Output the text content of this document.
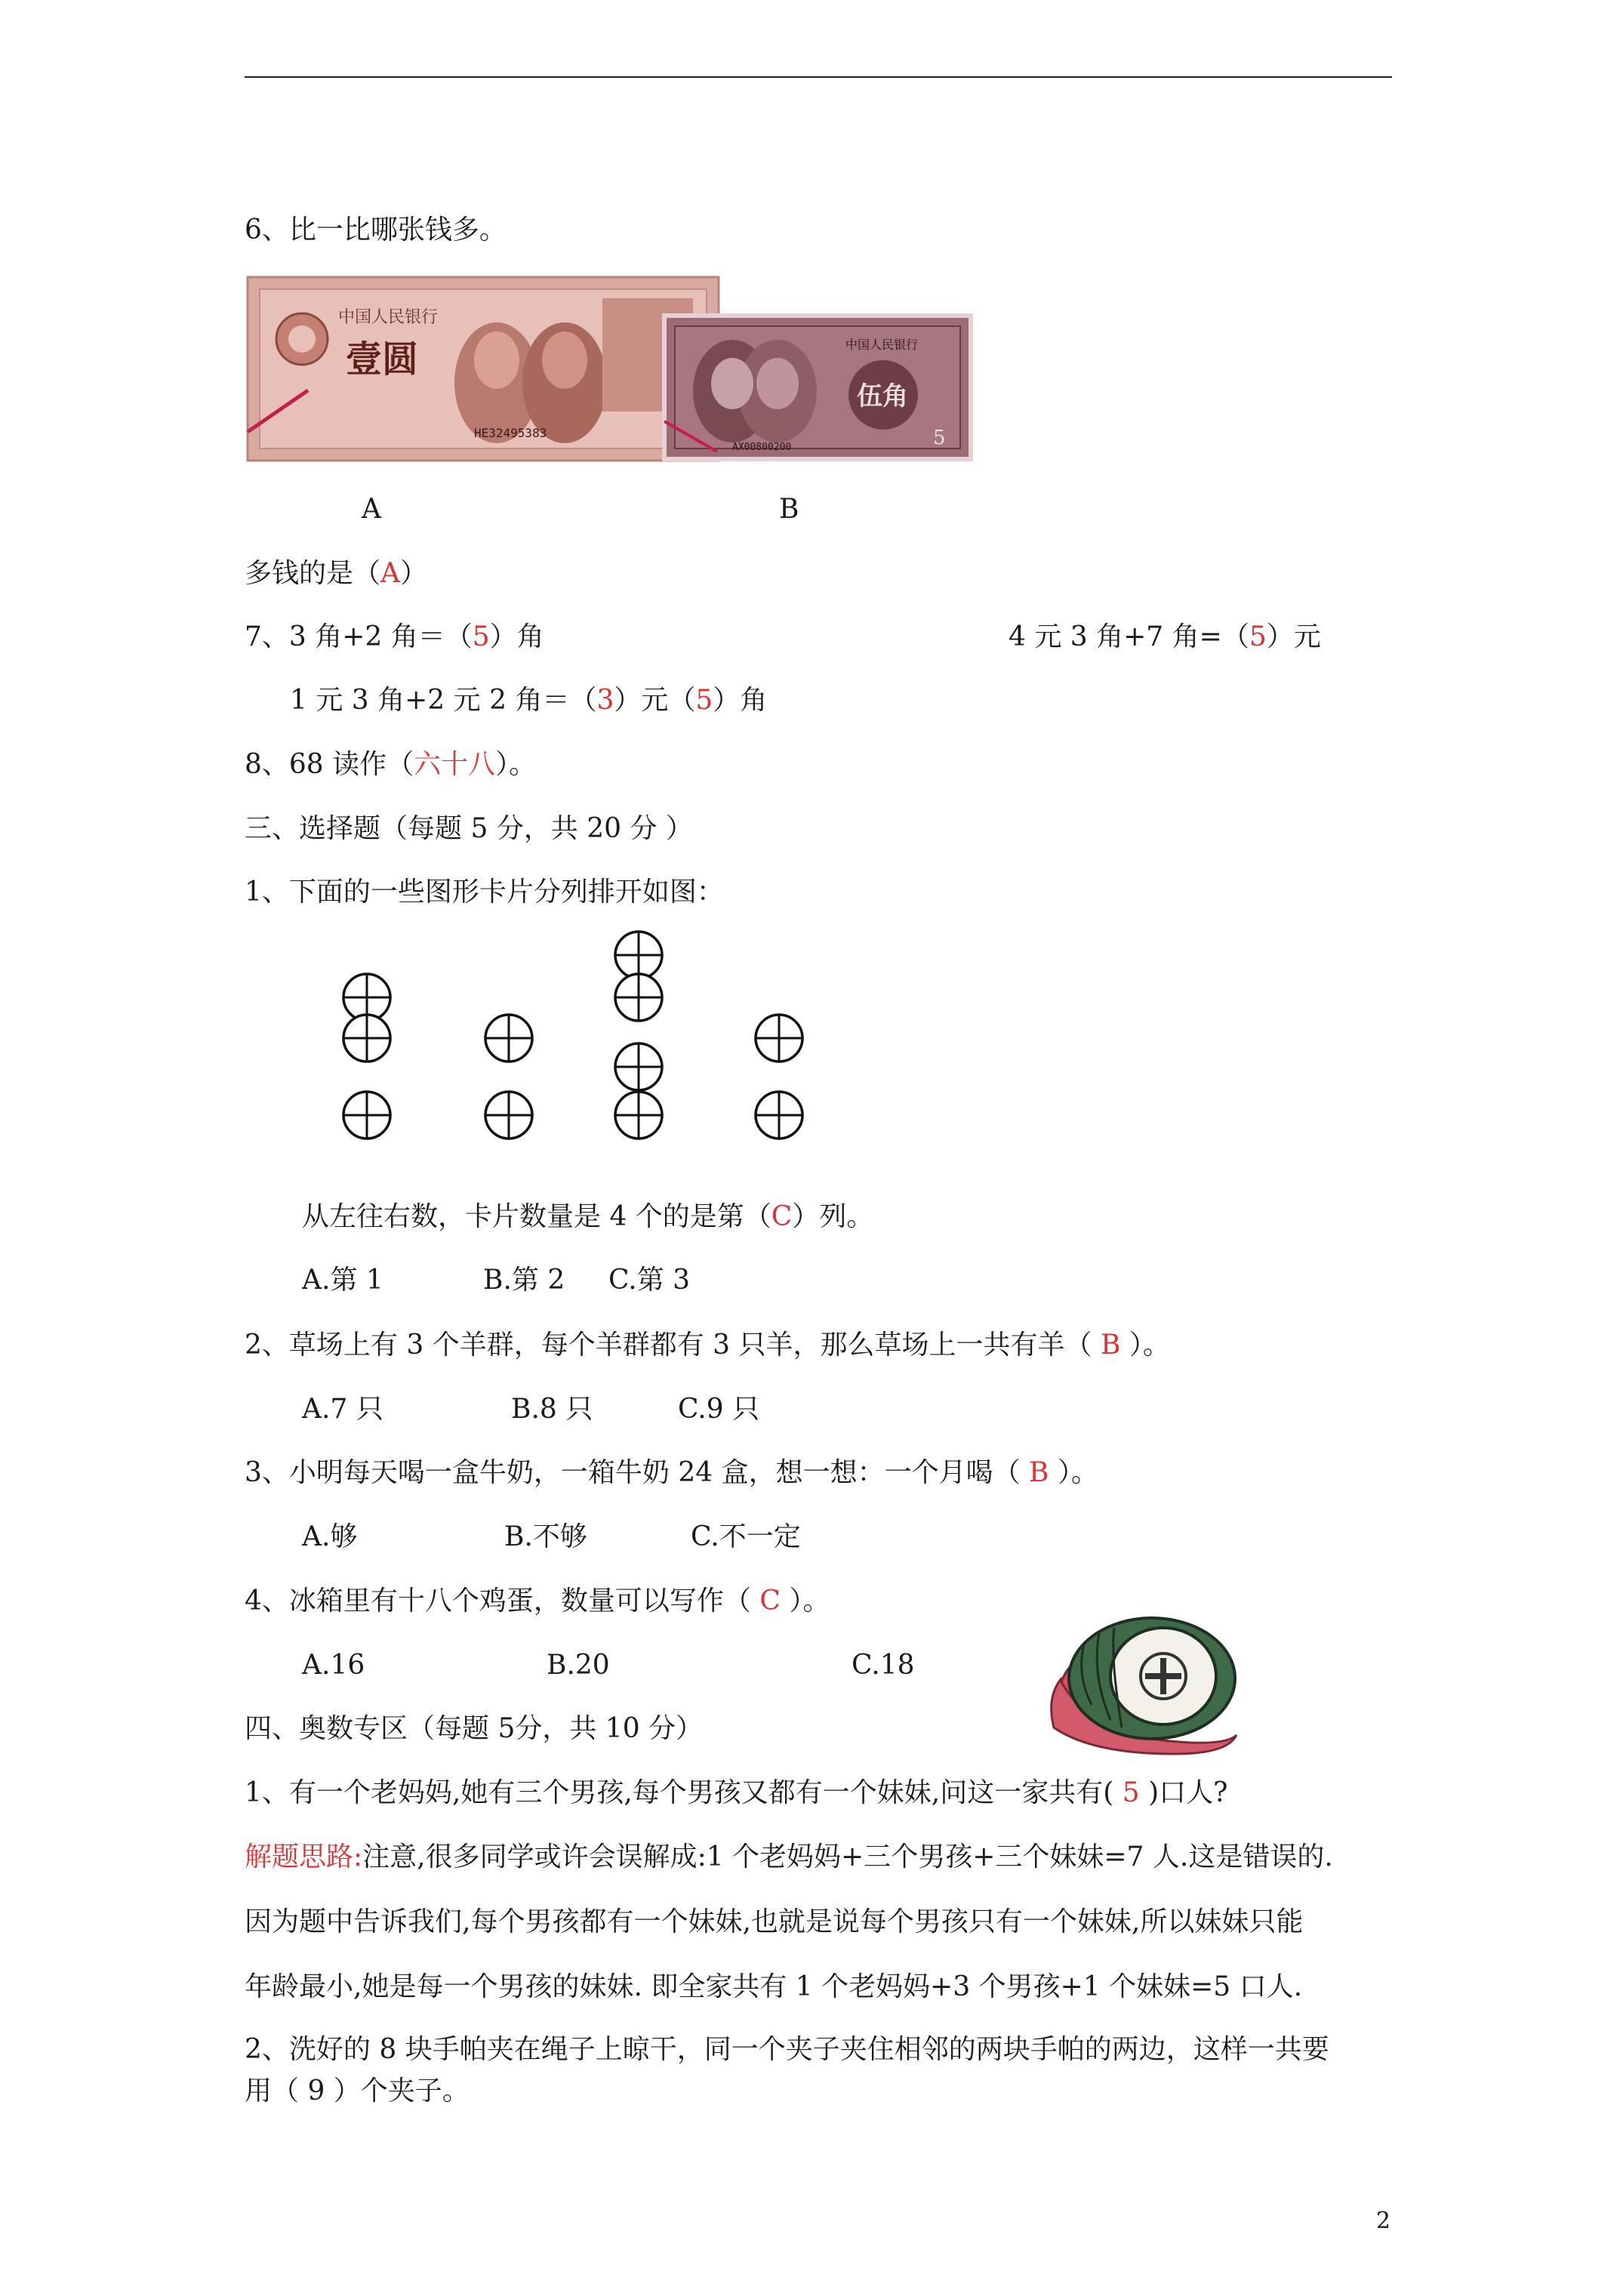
6、比一比哪张钱多。
中国人民银行
壹圆
HE32495383
中国人民银行
伍角
5
AX00800200
A	B
多钱的是（A）
7、3 角+2 角＝（5）角	4 元 3 角+7 角=（5）元
1 元 3 角+2 元 2 角＝（3）元（5）角
8、68 读作（六十八）。
三、选择题（每题 5 分，共 20 分 ）
1、下面的一些图形卡片分列排开如图：
从左往右数，卡片数量是 4 个的是第（C）列。
A.第 1	B.第 2 C.第 3
2、草场上有 3 个羊群，每个羊群都有 3 只羊，那么草场上一共有羊（ B ）。
A.7 只	B.8 只	C.9 只
3、小明每天喝一盒牛奶，一箱牛奶 24 盒，想一想：一个月喝（ B ）。
A.够	B.不够	C.不一定
4、冰箱里有十八个鸡蛋，数量可以写作（ C ）。
A.16	B.20	C.18
四、奥数专区（每题 5分，共 10 分）
1、有一个老妈妈,她有三个男孩,每个男孩又都有一个妹妹,问这一家共有( 5 )口人?
解题思路:注意,很多同学或许会误解成:1 个老妈妈+三个男孩+三个妹妹=7 人.这是错误的.
因为题中告诉我们,每个男孩都有一个妹妹,也就是说每个男孩只有一个妹妹,所以妹妹只能
年龄最小,她是每一个男孩的妹妹. 即全家共有 1 个老妈妈+3 个男孩+1 个妹妹=5 口人.
2、洗好的 8 块手帕夹在绳子上晾干，同一个夹子夹住相邻的两块手帕的两边，这样一共要
用（ 9 ）个夹子。
2
